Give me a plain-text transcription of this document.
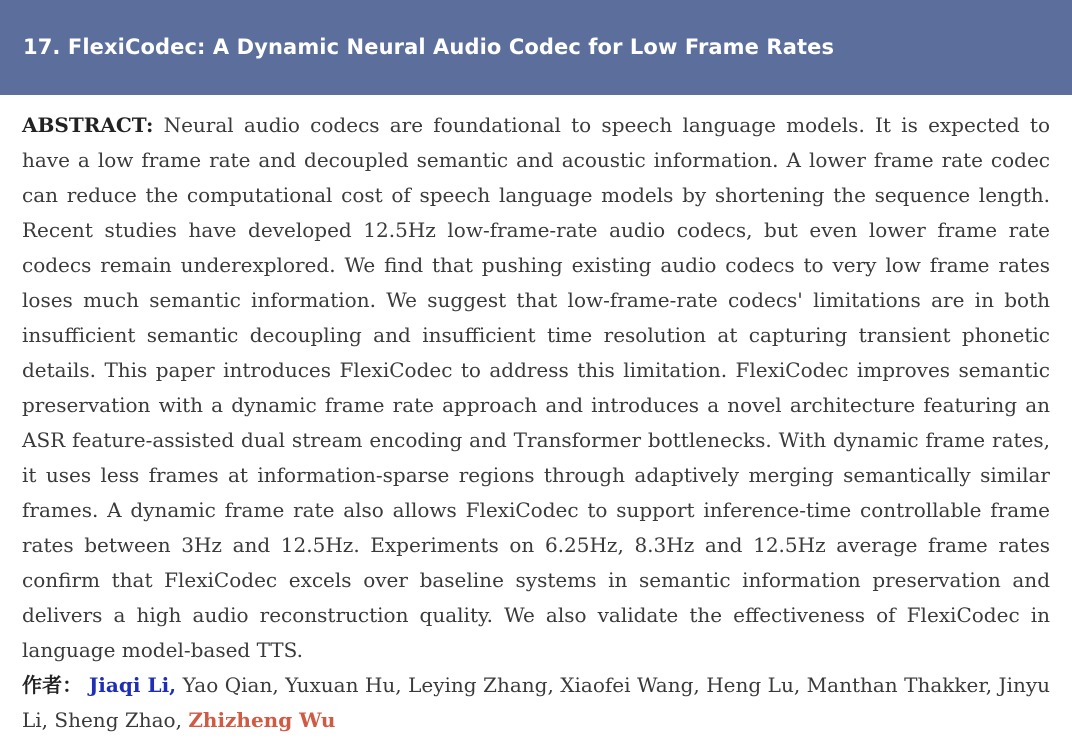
17. FlexiCodec: A Dynamic Neural Audio Codec for Low Frame Rates

ABSTRACT: Neural audio codecs are foundational to speech language models. It is expected to have a low frame rate and decoupled semantic and acoustic information. A lower frame rate codec can reduce the computational cost of speech language models by shortening the sequence length. Recent studies have developed 12.5Hz low-frame-rate audio codecs, but even lower frame rate codecs remain underexplored. We find that pushing existing audio codecs to very low frame rates loses much semantic information. We suggest that low-frame-rate codecs' limitations are in both insufficient semantic decoupling and insufficient time resolution at capturing transient phonetic details. This paper introduces FlexiCodec to address this limitation. FlexiCodec improves semantic preservation with a dynamic frame rate approach and introduces a novel architecture featuring an ASR feature-assisted dual stream encoding and Transformer bottlenecks. With dynamic frame rates, it uses less frames at information-sparse regions through adaptively merging semantically similar frames. A dynamic frame rate also allows FlexiCodec to support inference-time controllable frame rates between 3Hz and 12.5Hz. Experiments on 6.25Hz, 8.3Hz and 12.5Hz average frame rates confirm that FlexiCodec excels over baseline systems in semantic information preservation and delivers a high audio reconstruction quality. We also validate the effectiveness of FlexiCodec in language model-based TTS.

作者： Jiaqi Li, Yao Qian, Yuxuan Hu, Leying Zhang, Xiaofei Wang, Heng Lu, Manthan Thakker, Jinyu Li, Sheng Zhao, Zhizheng Wu
